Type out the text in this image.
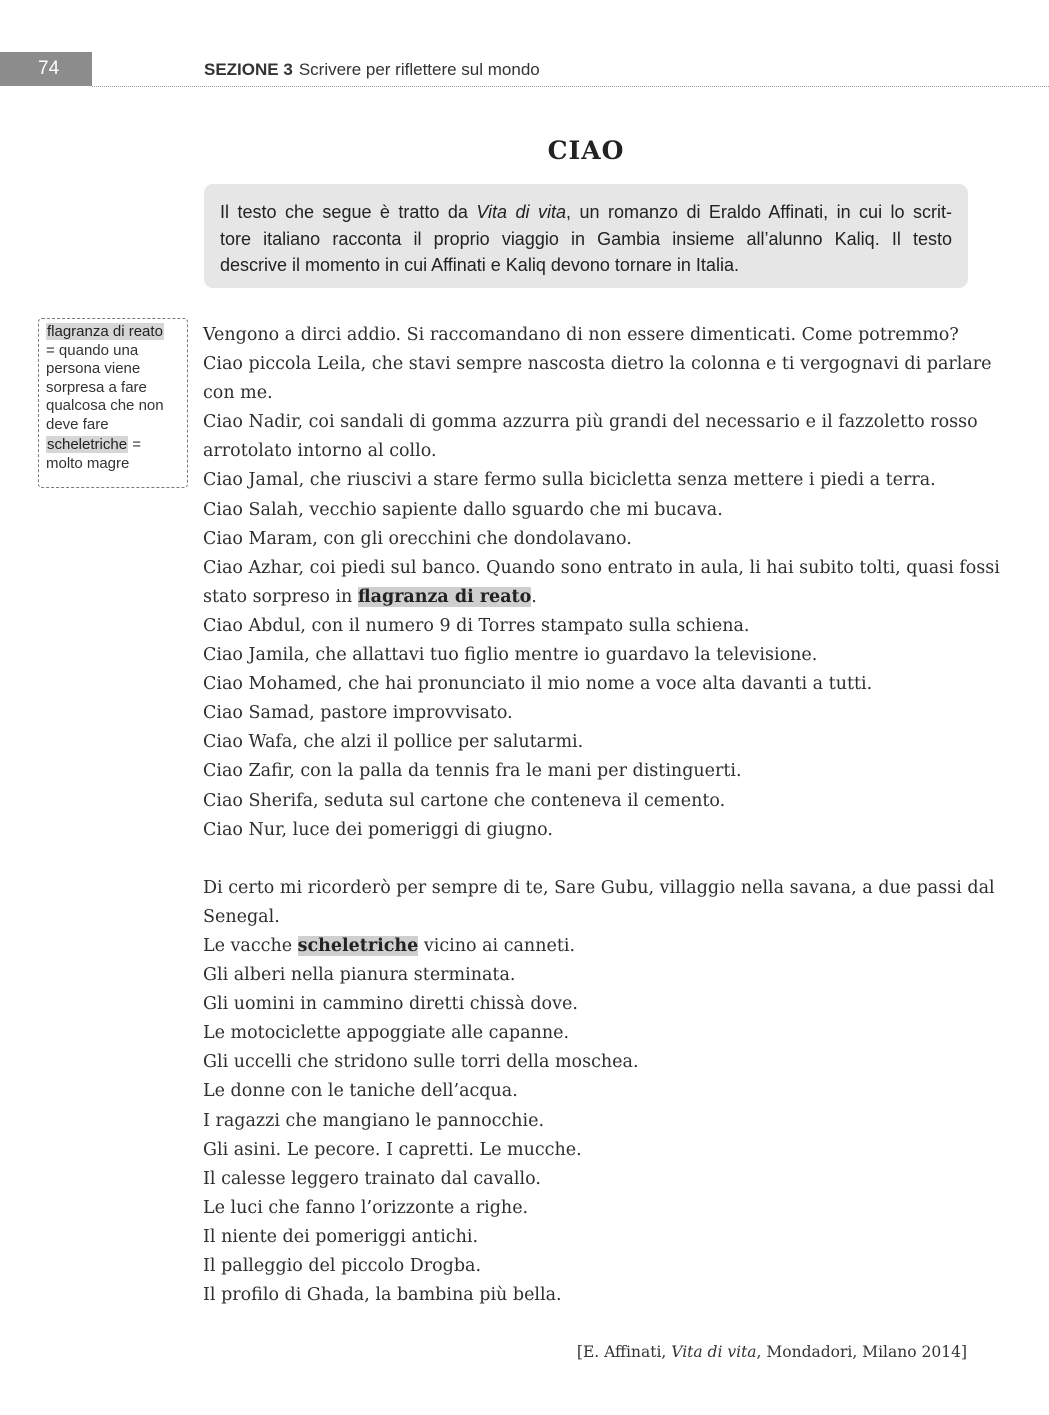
74	SEZIONE 3 Scrivere per riflettere sul mondo
CIAO
Il testo che segue è tratto da Vita di vita, un romanzo di Eraldo Affinati, in cui lo scrit-
tore italiano racconta il proprio viaggio in Gambia insieme all’alunno Kaliq. Il testo
descrive il momento in cui Affinati e Kaliq devono tornare in Italia.
flagranza di reato
= quando una
persona viene
sorpresa a fare
qualcosa che non
deve fare
scheletriche =
molto magre
Vengono a dirci addio. Si raccomandano di non essere dimenticati. Come potremmo?
Ciao piccola Leila, che stavi sempre nascosta dietro la colonna e ti vergognavi di parlare
con me.
Ciao Nadir, coi sandali di gomma azzurra più grandi del necessario e il fazzoletto rosso
arrotolato intorno al collo.
Ciao Jamal, che riuscivi a stare fermo sulla bicicletta senza mettere i piedi a terra.
Ciao Salah, vecchio sapiente dallo sguardo che mi bucava.
Ciao Maram, con gli orecchini che dondolavano.
Ciao Azhar, coi piedi sul banco. Quando sono entrato in aula, li hai subito tolti, quasi fossi
stato sorpreso in flagranza di reato.
Ciao Abdul, con il numero 9 di Torres stampato sulla schiena.
Ciao Jamila, che allattavi tuo figlio mentre io guardavo la televisione.
Ciao Mohamed, che hai pronunciato il mio nome a voce alta davanti a tutti.
Ciao Samad, pastore improvvisato.
Ciao Wafa, che alzi il pollice per salutarmi.
Ciao Zafir, con la palla da tennis fra le mani per distinguerti.
Ciao Sherifa, seduta sul cartone che conteneva il cemento.
Ciao Nur, luce dei pomeriggi di giugno.
Di certo mi ricorderò per sempre di te, Sare Gubu, villaggio nella savana, a due passi dal
Senegal.
Le vacche scheletriche vicino ai canneti.
Gli alberi nella pianura sterminata.
Gli uomini in cammino diretti chissà dove.
Le motociclette appoggiate alle capanne.
Gli uccelli che stridono sulle torri della moschea.
Le donne con le taniche dell’acqua.
I ragazzi che mangiano le pannocchie.
Gli asini. Le pecore. I capretti. Le mucche.
Il calesse leggero trainato dal cavallo.
Le luci che fanno l’orizzonte a righe.
Il niente dei pomeriggi antichi.
Il palleggio del piccolo Drogba.
Il profilo di Ghada, la bambina più bella.
[E. Affinati, Vita di vita, Mondadori, Milano 2014]
